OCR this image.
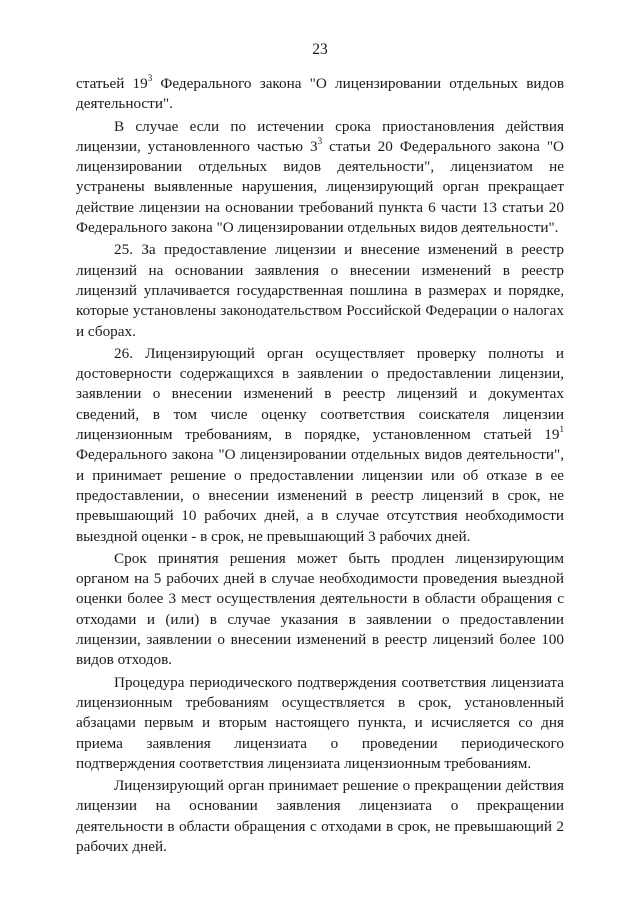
23

статьей $19^3$ Федерального закона "О лицензировании отдельных видов деятельности".

В случае если по истечении срока приостановления действия лицензии, установленного частью $3^3$ статьи 20 Федерального закона "О лицензировании отдельных видов деятельности", лицензиатом не устранены выявленные нарушения, лицензирующий орган прекращает действие лицензии на основании требований пункта 6 части 13 статьи 20 Федерального закона "О лицензировании отдельных видов деятельности".

25. За предоставление лицензии и внесение изменений в реестр лицензий на основании заявления о внесении изменений в реестр лицензий уплачивается государственная пошлина в размерах и порядке, которые установлены законодательством Российской Федерации о налогах и сборах.

26. Лицензирующий орган осуществляет проверку полноты и достоверности содержащихся в заявлении о предоставлении лицензии, заявлении о внесении изменений в реестр лицензий и документах сведений, в том числе оценку соответствия соискателя лицензии лицензионным требованиям, в порядке, установленном статьей $19^1$ Федерального закона "О лицензировании отдельных видов деятельности", и принимает решение о предоставлении лицензии или об отказе в ее предоставлении, о внесении изменений в реестр лицензий в срок, не превышающий 10 рабочих дней, а в случае отсутствия необходимости выездной оценки - в срок, не превышающий 3 рабочих дней.

Срок принятия решения может быть продлен лицензирующим органом на 5 рабочих дней в случае необходимости проведения выездной оценки более 3 мест осуществления деятельности в области обращения с отходами и (или) в случае указания в заявлении о предоставлении лицензии, заявлении о внесении изменений в реестр лицензий более 100 видов отходов.

Процедура периодического подтверждения соответствия лицензиата лицензионным требованиям осуществляется в срок, установленный абзацами первым и вторым настоящего пункта, и исчисляется со дня приема заявления лицензиата о проведении периодического подтверждения соответствия лицензиата лицензионным требованиям.

Лицензирующий орган принимает решение о прекращении действия лицензии на основании заявления лицензиата о прекращении деятельности в области обращения с отходами в срок, не превышающий 2 рабочих дней.
